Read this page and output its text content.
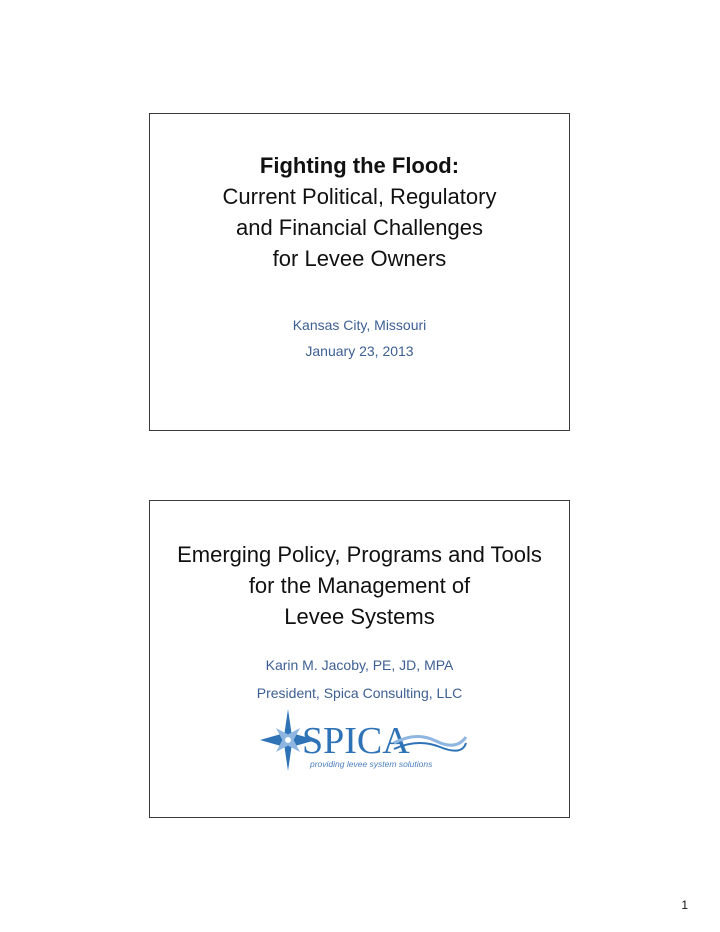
Fighting the Flood:
Current Political, Regulatory
and Financial Challenges
for Levee Owners
Kansas City, Missouri
January 23, 2013
Emerging Policy, Programs and Tools
for the Management of
Levee Systems
Karin M. Jacoby, PE, JD, MPA
President, Spica Consulting, LLC
SPICA
providing levee system solutions
1
